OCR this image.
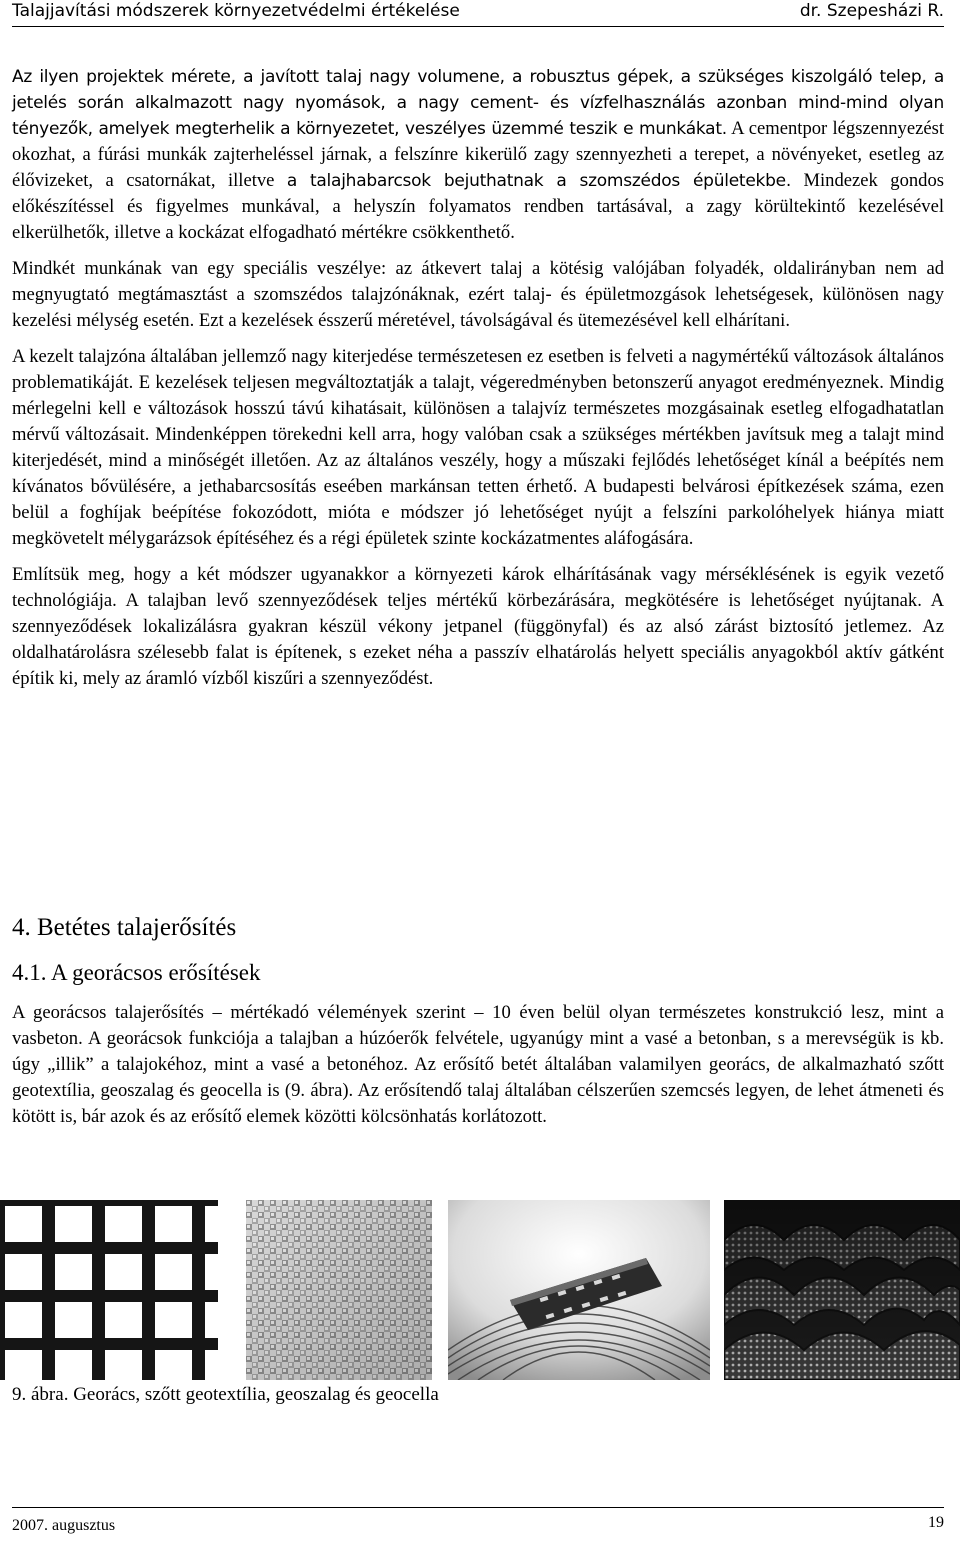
Talajjavítási módszerek környezetvédelmi értékelése	dr. Szepesházi R.

Az ilyen projektek mérete, a javított talaj nagy volumene, a robusztus gépek, a szükséges kiszolgáló telep, a jetelés során alkalmazott nagy nyomások, a nagy cement- és vízfelhasználás azonban mind-mind olyan tényezők, amelyek megterhelik a környezetet, veszélyes üzemmé teszik e munkákat. A cementpor légszennyezést okozhat, a fúrási munkák zajterheléssel járnak, a felszínre kikerülő zagy szennyezheti a terepet, a növényeket, esetleg az élővizeket, a csatornákat, illetve a talajhabarcsok bejuthatnak a szomszédos épületekbe. Mindezek gondos előkészítéssel és figyelmes munkával, a helyszín folyamatos rendben tartásával, a zagy körültekintő kezelésével elkerülhetők, illetve a kockázat elfogadható mértékre csökkenthető.

Mindkét munkának van egy speciális veszélye: az átkevert talaj a kötésig valójában folyadék, oldalirányban nem ad megnyugtató megtámasztást a szomszédos talajzónáknak, ezért talaj- és épületmozgások lehetségesek, különösen nagy kezelési mélység esetén. Ezt a kezelések ésszerű méretével, távolságával és ütemezésével kell elhárítani.

A kezelt talajzóna általában jellemző nagy kiterjedése természetesen ez esetben is felveti a nagymértékű változások általános problematikáját. E kezelések teljesen megváltoztatják a talajt, végeredményben betonszerű anyagot eredményeznek. Mindig mérlegelni kell e változások hosszú távú kihatásait, különösen a talajvíz természetes mozgásainak esetleg elfogadhatatlan mérvű változásait. Mindenképpen törekedni kell arra, hogy valóban csak a szükséges mértékben javítsuk meg a talajt mind kiterjedését, mind a minőségét illetően. Az az általános veszély, hogy a műszaki fejlődés lehetőséget kínál a beépítés nem kívánatos bővülésére, a jethabarcsosítás eseében markánsan tetten érhető. A budapesti belvárosi építkezések száma, ezen belül a foghíjak beépítése fokozódott, mióta e módszer jó lehetőséget nyújt a felszíni parkolóhelyek hiánya miatt megkövetelt mélygarázsok építéséhez és a régi épületek szinte kockázatmentes aláfogására.

Említsük meg, hogy a két módszer ugyanakkor a környezeti károk elhárításának vagy mérséklésének is egyik vezető technológiája. A talajban levő szennyeződések teljes mértékű körbezárására, megkötésére is lehetőséget nyújtanak. A szennyeződések lokalizálásra gyakran készül vékony jetpanel (függönyfal) és az alsó zárást biztosító jetlemez. Az oldalhatárolásra szélesebb falat is építenek, s ezeket néha a passzív elhatárolás helyett speciális anyagokból aktív gátként építik ki, mely az áramló vízből kiszűri a szennyeződést.

4. Betétes talajerősítés
4.1. A georácsos erősítések

A georácsos talajerősítés – mértékadó vélemények szerint – 10 éven belül olyan természetes konstrukció lesz, mint a vasbeton. A georácsok funkciója a talajban a húzóerők felvétele, ugyanúgy mint a vasé a betonban, s a merevségük is kb. úgy „illik” a talajokéhoz, mint a vasé a betonéhoz. Az erősítő betét általában valamilyen georács, de alkalmazható szőtt geotextília, geoszalag és geocella is (9. ábra). Az erősítendő talaj általában célszerűen szemcsés legyen, de lehet átmeneti és kötött is, bár azok és az erősítő elemek közötti kölcsönhatás korlátozott.

9. ábra. Georács, szőtt geotextília, geoszalag és geocella
2007. augusztus	19
